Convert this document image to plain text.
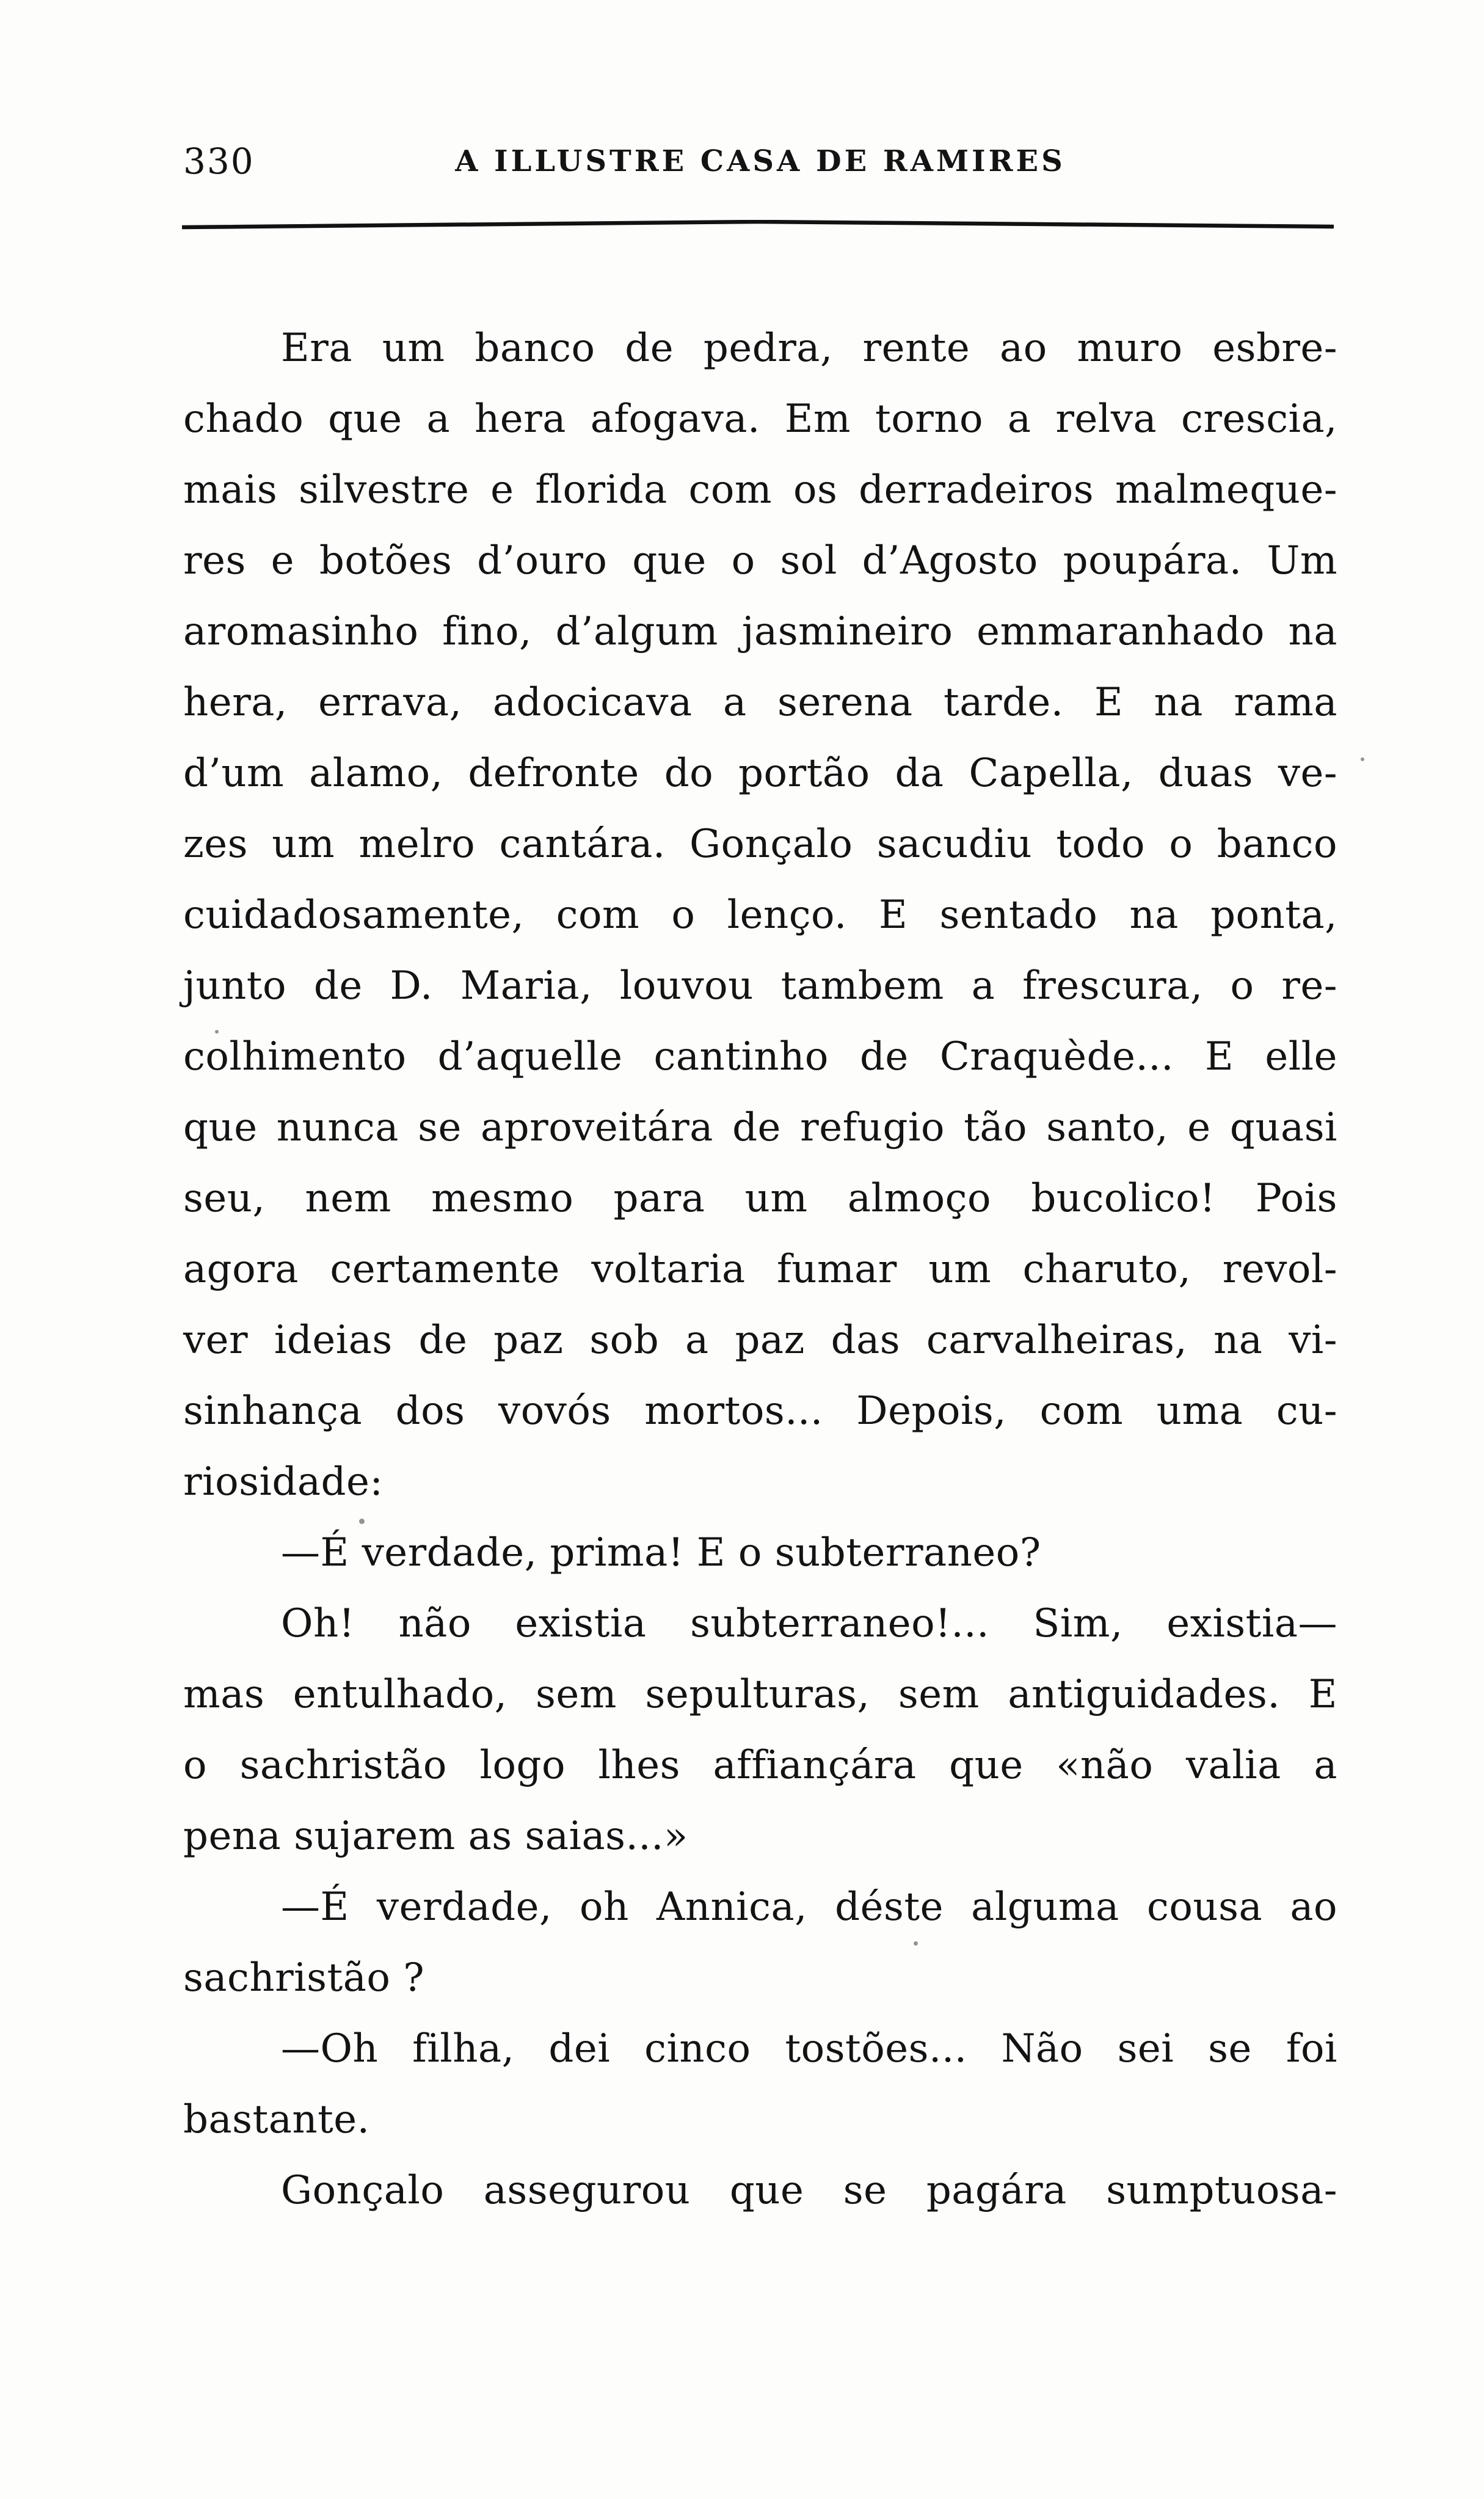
330	A ILLUSTRE CASA DE RAMIRES
Era um banco de pedra, rente ao muro esbre-
chado que a hera afogava. Em torno a relva crescia,
mais silvestre e florida com os derradeiros malmeque-
res e botões d’ouro que o sol d’Agosto poupára. Um
aromasinho fino, d’algum jasmineiro emmaranhado na
hera, errava, adocicava a serena tarde. E na rama
d’um alamo, defronte do portão da Capella, duas ve-
zes um melro cantára. Gonçalo sacudiu todo o banco
cuidadosamente, com o lenço. E sentado na ponta,
junto de D. Maria, louvou tambem a frescura, o re-
colhimento d’aquelle cantinho de Craquède... E elle
que nunca se aproveitára de refugio tão santo, e quasi
seu, nem mesmo para um almoço bucolico! Pois
agora certamente voltaria fumar um charuto, revol-
ver ideias de paz sob a paz das carvalheiras, na vi-
sinhança dos vovós mortos... Depois, com uma cu-
riosidade:
—É verdade, prima! E o subterraneo?
Oh! não existia subterraneo!... Sim, existia—
mas entulhado, sem sepulturas, sem antiguidades. E
o sachristão logo lhes affiançára que «não valia a
pena sujarem as saias...»
—É verdade, oh Annica, déste alguma cousa ao
sachristão ?
—Oh filha, dei cinco tostões... Não sei se foi
bastante.
Gonçalo assegurou que se pagára sumptuosa-
